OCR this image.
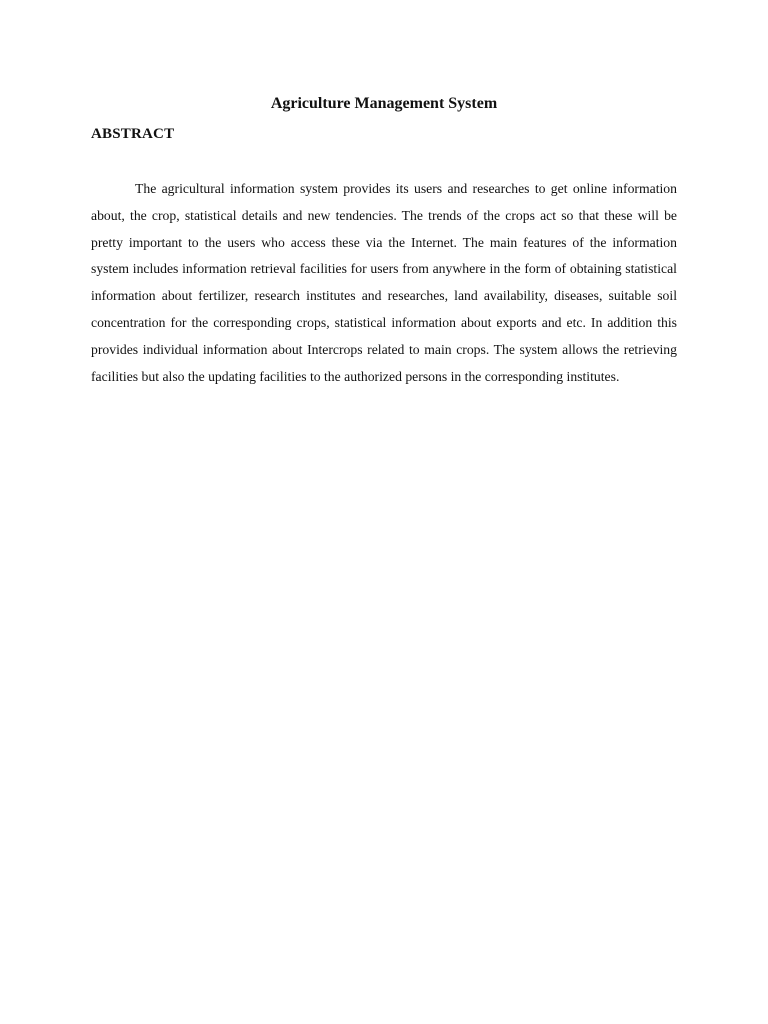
Agriculture Management System
ABSTRACT

The agricultural information system provides its users and researches to get online information about, the crop, statistical details and new tendencies. The trends of the crops act so that these will be pretty important to the users who access these via the Internet. The main features of the information system includes information retrieval facilities for users from anywhere in the form of obtaining statistical information about fertilizer, research institutes and researches, land availability, diseases, suitable soil concentration for the corresponding crops, statistical information about exports and etc. In addition this provides individual information about Intercrops related to main crops. The system allows the retrieving facilities but also the updating facilities to the authorized persons in the corresponding institutes.
